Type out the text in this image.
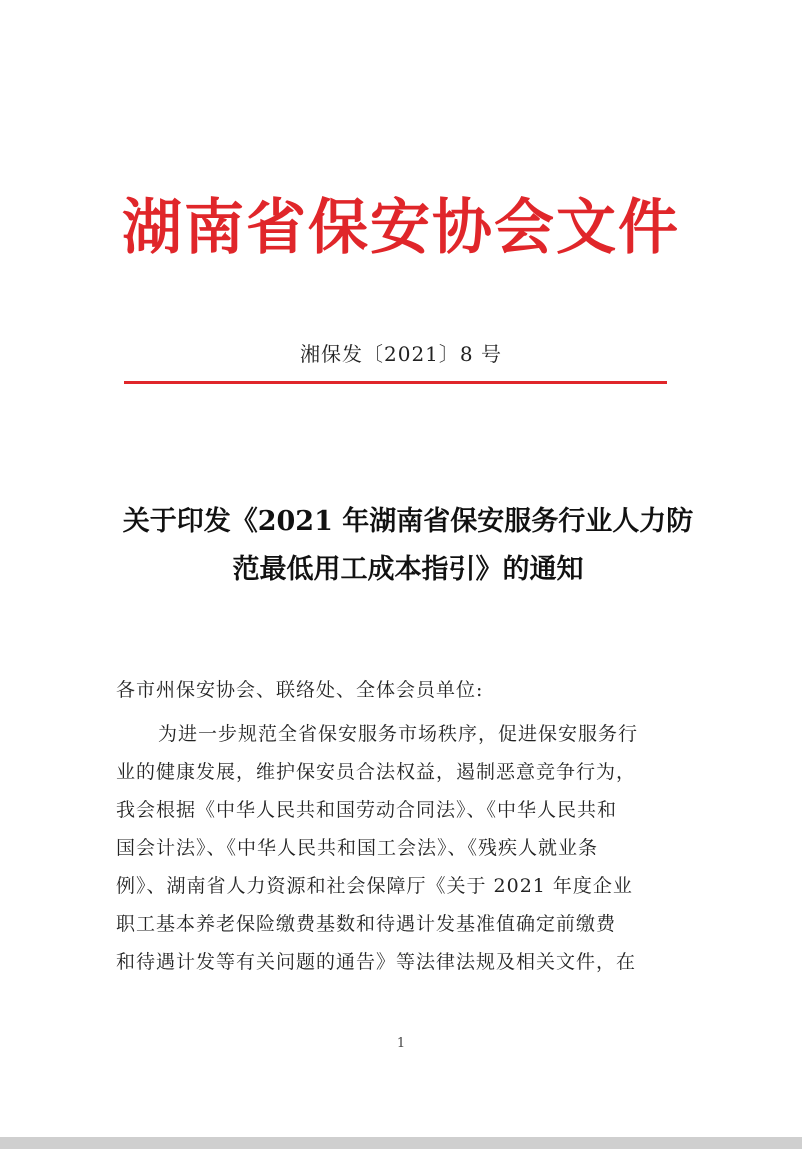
湖南省保安协会文件
湘保发〔2021〕8 号
关于印发《2021 年湖南省保安服务行业人力防
范最低用工成本指引》的通知
各市州保安协会、联络处、全体会员单位:
为进一步规范全省保安服务市场秩序，促进保安服务行
业的健康发展，维护保安员合法权益，遏制恶意竞争行为，
我会根据《中华人民共和国劳动合同法》、《中华人民共和
国会计法》、《中华人民共和国工会法》、《残疾人就业条
例》、湖南省人力资源和社会保障厅《关于 2021 年度企业
职工基本养老保险缴费基数和待遇计发基准值确定前缴费
和待遇计发等有关问题的通告》等法律法规及相关文件，在
1
